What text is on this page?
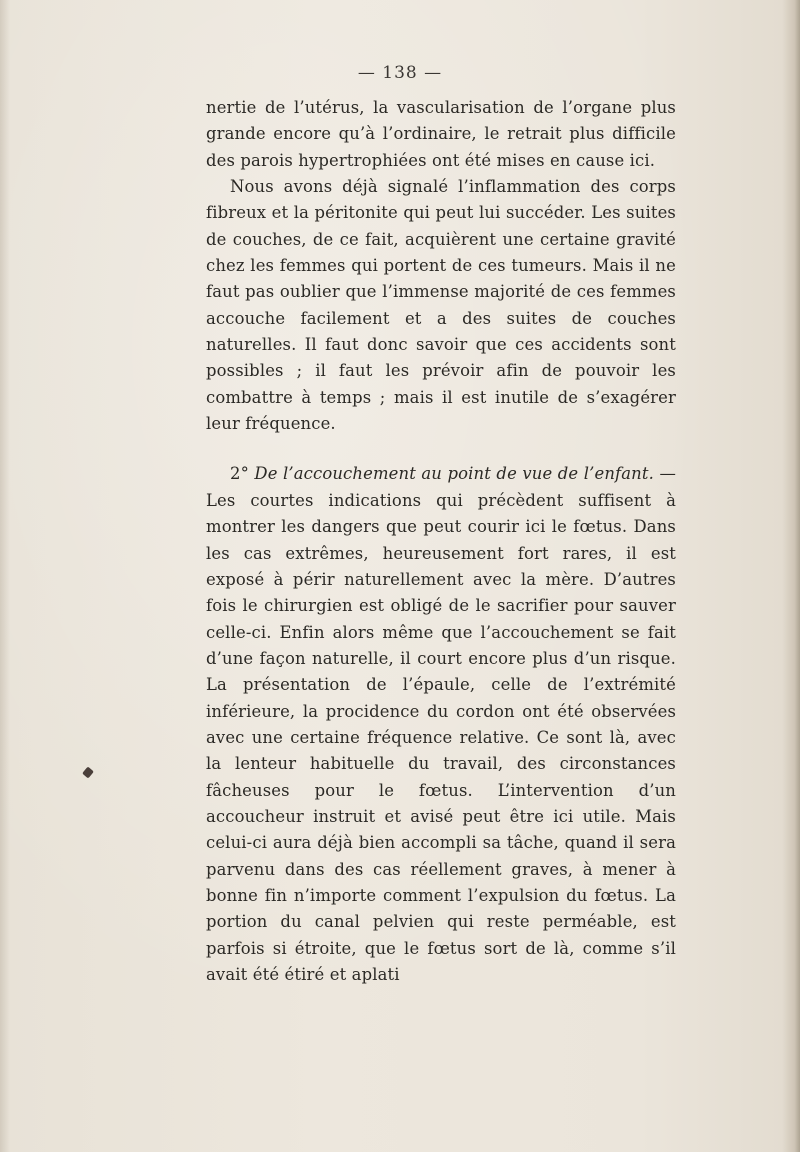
— 138 —

nertie de l’utérus, la vascularisation de l’organe plus grande encore qu’à l’ordinaire, le retrait plus difficile des parois hypertrophiées ont été mises en cause ici.

Nous avons déjà signalé l’inflammation des corps fibreux et la péritonite qui peut lui succéder. Les suites de couches, de ce fait, acquièrent une certaine gravité chez les femmes qui portent de ces tumeurs. Mais il ne faut pas oublier que l’immense majorité de ces femmes accouche facilement et a des suites de couches naturelles. Il faut donc savoir que ces accidents sont possibles ; il faut les prévoir afin de pouvoir les combattre à temps ; mais il est inutile de s’exagérer leur fréquence.

2° De l’accouchement au point de vue de l’enfant. — Les courtes indications qui précèdent suffisent à montrer les dangers que peut courir ici le fœtus. Dans les cas extrêmes, heureusement fort rares, il est exposé à périr naturellement avec la mère. D’autres fois le chirurgien est obligé de le sacrifier pour sauver celle-ci. Enfin alors même que l’accouchement se fait d’une façon naturelle, il court encore plus d’un risque. La présentation de l’épaule, celle de l’extrémité inférieure, la procidence du cordon ont été observées avec une certaine fréquence relative. Ce sont là, avec la lenteur habituelle du travail, des circonstances fâcheuses pour le fœtus. L’intervention d’un accoucheur instruit et avisé peut être ici utile. Mais celui-ci aura déjà bien accompli sa tâche, quand il sera parvenu dans des cas réellement graves, à mener à bonne fin n’importe comment l’expulsion du fœtus. La portion du canal pelvien qui reste perméable, est parfois si étroite, que le fœtus sort de là, comme s’il avait été étiré et aplati
